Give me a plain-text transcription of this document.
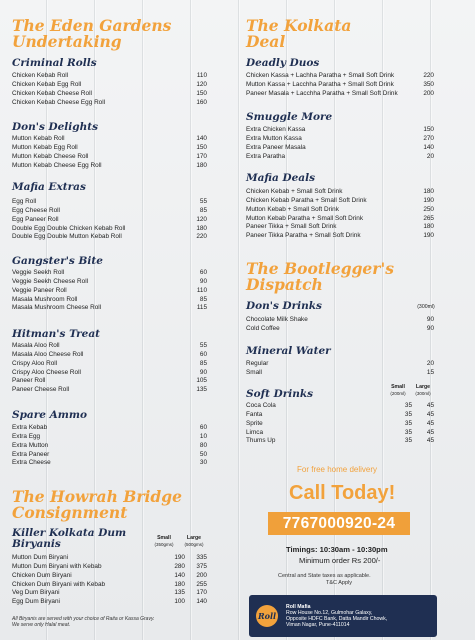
The Eden Gardens
Undertaking
Criminal Rolls
Chicken Kebab Roll	110
Chicken Kebab Egg Roll	120
Chicken Kebab Cheese Roll	150
Chicken Kebab Cheese Egg Roll	160
Don's Delights
Mutton Kebab Roll	140
Mutton Kebab Egg Roll	150
Mutton Kebab Cheese Roll	170
Mutton Kebab Cheese Egg Roll	180
Mafia Extras
Egg Roll	55
Egg Cheese Roll	85
Egg Paneer Roll	120
Double Egg Double Chicken Kebab Roll	180
Double Egg Double Mutton Kebab Roll	220
Gangster's Bite
Veggie Seekh Roll	60
Veggie Seekh Cheese Roll	90
Veggie Paneer Roll	110
Masala Mushroom Roll	85
Masala Mushroom Cheese Roll	115
Hitman's Treat
Masala Aloo Roll	55
Masala Aloo Cheese Roll	60
Crispy Aloo Roll	85
Crispy Aloo Cheese Roll	90
Paneer Roll	105
Paneer Cheese Roll	135
Spare Ammo
Extra Kebab	60
Extra Egg	10
Extra Mutton	80
Extra Paneer	50
Extra Cheese	30
The Howrah Bridge
Consignment
Killer Kolkata Dum
Biryanis	Small
(350gms)
Large
(500gms)
Mutton Dum Biryani	190	335
Mutton Dum Biryani with Kebab	280	375
Chicken Dum Biryani	140	200
Chicken Dum Biryani with Kebab	180	255
Veg Dum Biryani	135	170
Egg Dum Biryani	100	140
All Biryanis are served with your choice of Raita or Kassa Gravy.
We serve only Halal meat.
The Kolkata
Deal
Deadly Duos
Chicken Kassa + Lachha Paratha + Small Soft Drink	220
Mutton Kassa + Lacchha Paratha + Small Soft Drink	350
Paneer Masala + Lacchha Paratha + Small Soft Drink	200
Smuggle More
Extra Chicken Kassa	150
Extra Mutton Kassa	270
Extra Paneer Masala	140
Extra Paratha	20
Mafia Deals
Chicken Kebab + Small Soft Drink	180
Chicken Kebab Paratha + Small Soft Drink	190
Mutton Kebab + Small Soft Drink	250
Mutton Kebab Paratha + Small Soft Drink	265
Paneer Tikka + Small Soft Drink	180
Paneer Tikka Paratha + Small Soft Drink	190
The Bootlegger's
Dispatch
Don's Drinks	(300ml)
Chocolate Milk Shake	90
Cold Coffee	90
Mineral Water
Regular	20
Small	15
Soft Drinks
Small
(200ml)
Large
(300ml)
Coca Cola	35	45
Fanta	35	45
Sprite	35	45
Limca	35	45
Thums Up	35	45
For free home delivery
Call Today!
7767000920-24
Timings: 10:30am - 10:30pm
Minimum order Rs 200/-
Central and State taxes as applicable.
T&C Apply
Roll
Roll Mafia
Row House No.12, Gulmohar Galaxy,
Opposite HDFC Bank, Datta Mandir Chowk,
Viman Nagar, Pune-411014
